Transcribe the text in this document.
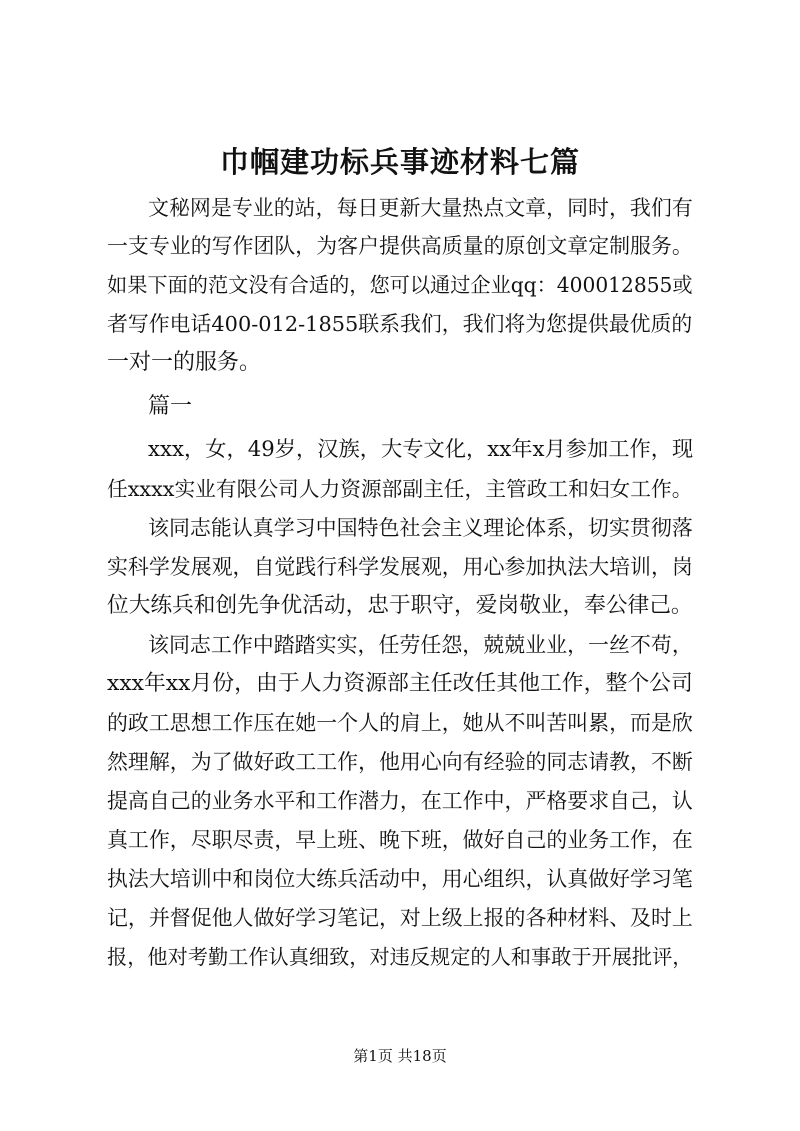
巾帼建功标兵事迹材料七篇
文秘网是专业的站，每日更新大量热点文章，同时，我们有
一支专业的写作团队，为客户提供高质量的原创文章定制服务。
如果下面的范文没有合适的，您可以通过企业qq：400012855或
者写作电话400-012-1855联系我们，我们将为您提供最优质的
一对一的服务。
篇一
xxx，女，49岁，汉族，大专文化，xx年x月参加工作，现
任xxxx实业有限公司人力资源部副主任，主管政工和妇女工作。
该同志能认真学习中国特色社会主义理论体系，切实贯彻落
实科学发展观，自觉践行科学发展观，用心参加执法大培训，岗
位大练兵和创先争优活动，忠于职守，爱岗敬业，奉公律己。
该同志工作中踏踏实实，任劳任怨，兢兢业业，一丝不苟，
xxx年xx月份，由于人力资源部主任改任其他工作，整个公司
的政工思想工作压在她一个人的肩上，她从不叫苦叫累，而是欣
然理解，为了做好政工工作，他用心向有经验的同志请教，不断
提高自己的业务水平和工作潜力，在工作中，严格要求自己，认
真工作，尽职尽责，早上班、晚下班，做好自己的业务工作，在
执法大培训中和岗位大练兵活动中，用心组织，认真做好学习笔
记，并督促他人做好学习笔记，对上级上报的各种材料、及时上
报，他对考勤工作认真细致，对违反规定的人和事敢于开展批评，
第1页 共18页
